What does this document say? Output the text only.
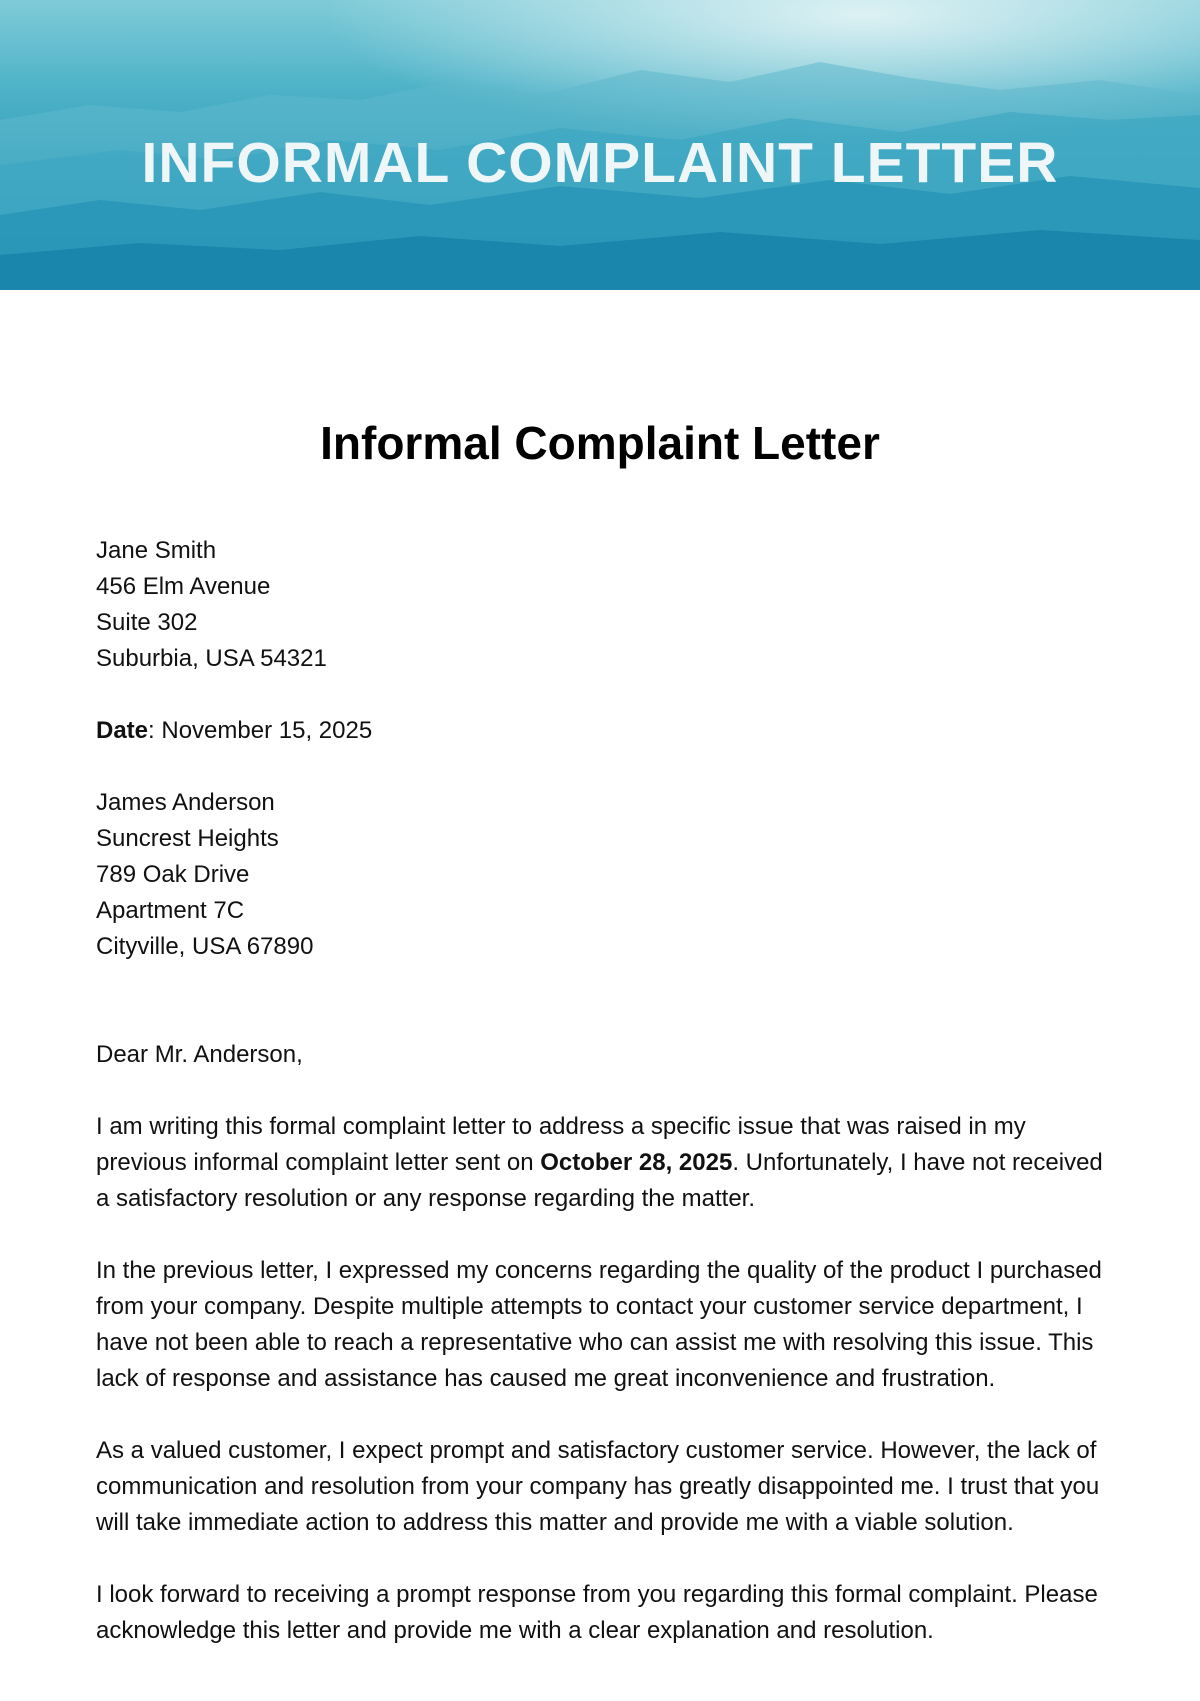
INFORMAL COMPLAINT LETTER
Informal Complaint Letter
Jane Smith
456 Elm Avenue
Suite 302
Suburbia, USA 54321
Date: November 15, 2025
James Anderson
Suncrest Heights
789 Oak Drive
Apartment 7C
Cityville, USA 67890
Dear Mr. Anderson,

I am writing this formal complaint letter to address a specific issue that was raised in my previous informal complaint letter sent on October 28, 2025. Unfortunately, I have not received a satisfactory resolution or any response regarding the matter.

In the previous letter, I expressed my concerns regarding the quality of the product I purchased from your company. Despite multiple attempts to contact your customer service department, I have not been able to reach a representative who can assist me with resolving this issue. This lack of response and assistance has caused me great inconvenience and frustration.

As a valued customer, I expect prompt and satisfactory customer service. However, the lack of communication and resolution from your company has greatly disappointed me. I trust that you will take immediate action to address this matter and provide me with a viable solution.

I look forward to receiving a prompt response from you regarding this formal complaint. Please acknowledge this letter and provide me with a clear explanation and resolution.
